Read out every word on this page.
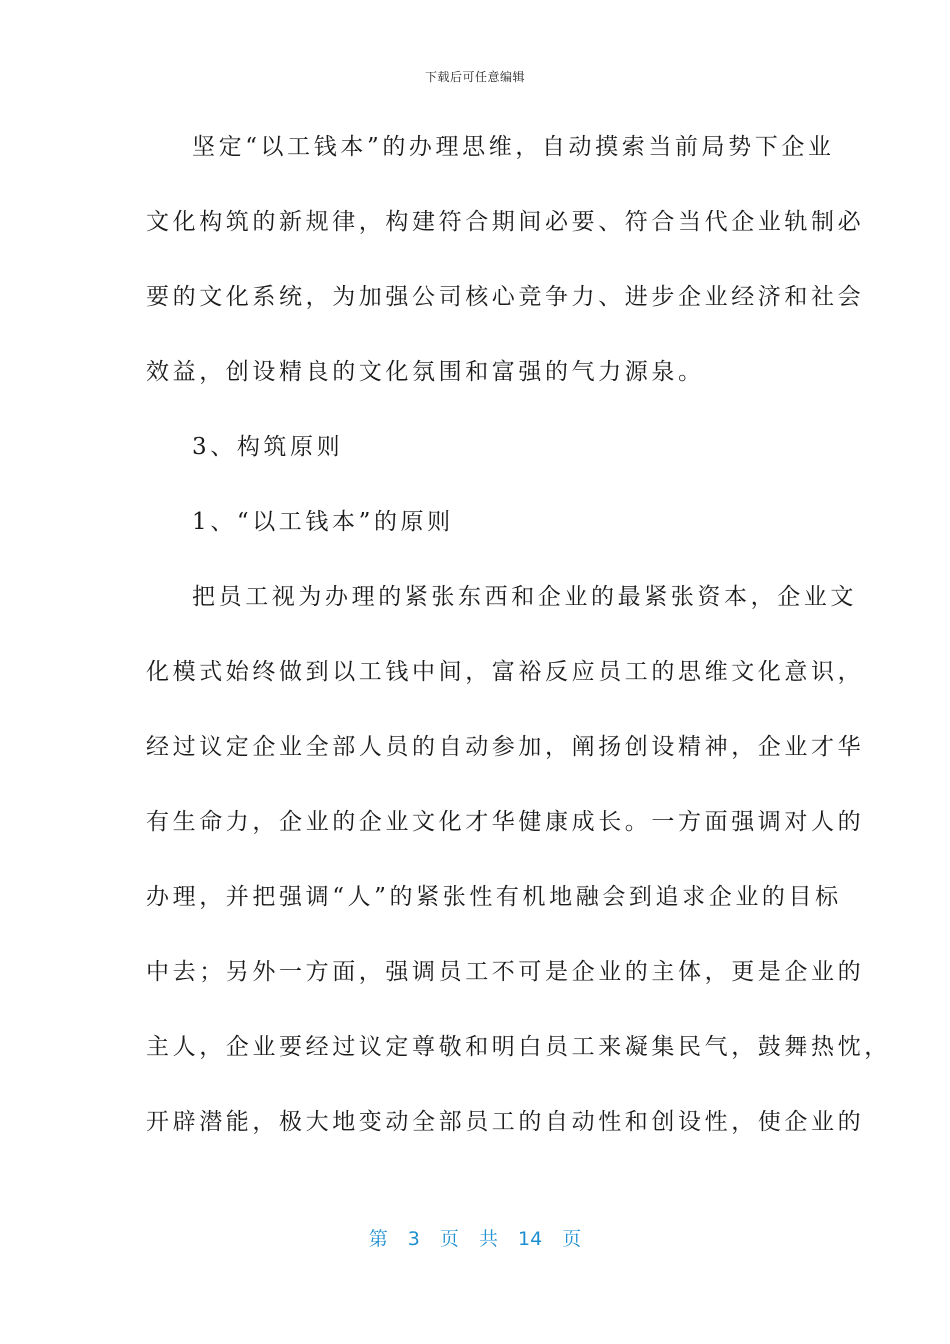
下载后可任意编辑
坚定“以工钱本”的办理思维，自动摸索当前局势下企业
文化构筑的新规律，构建符合期间必要、符合当代企业轨制必
要的文化系统，为加强公司核心竞争力、进步企业经济和社会
效益，创设精良的文化氛围和富强的气力源泉。
3、构筑原则
1、“以工钱本”的原则
把员工视为办理的紧张东西和企业的最紧张资本，企业文
化模式始终做到以工钱中间，富裕反应员工的思维文化意识，
经过议定企业全部人员的自动参加，阐扬创设精神，企业才华
有生命力，企业的企业文化才华健康成长。一方面强调对人的
办理，并把强调“人”的紧张性有机地融会到追求企业的目标
中去；另外一方面，强调员工不可是企业的主体，更是企业的
主人，企业要经过议定尊敬和明白员工来凝集民气，鼓舞热忱，
开辟潜能，极大地变动全部员工的自动性和创设性，使企业的
第 3 页 共 14 页
